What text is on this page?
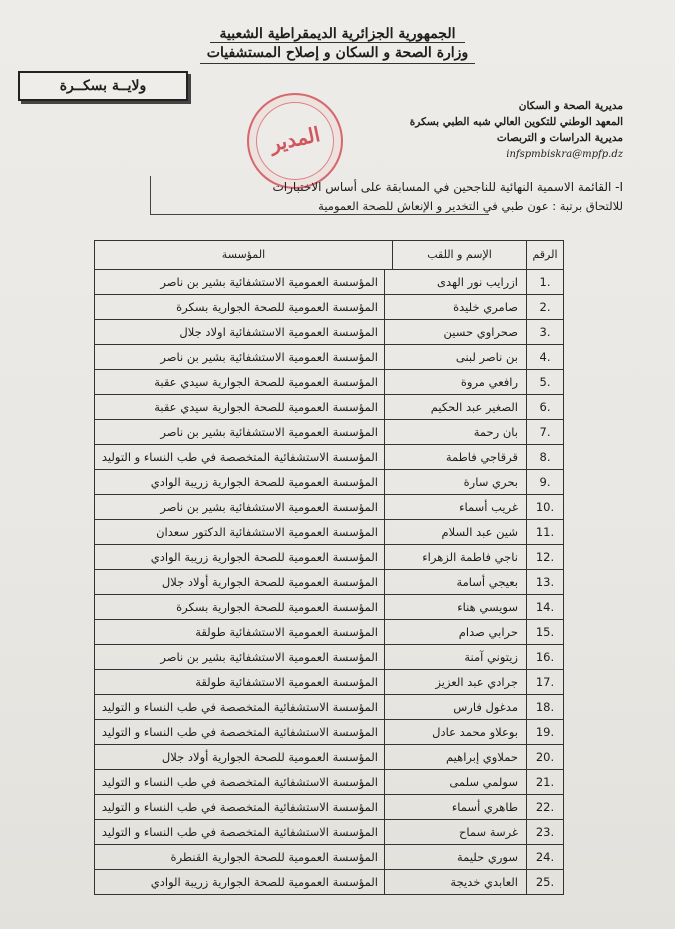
الجمهورية الجزائرية الديمقراطية الشعبية
وزارة الصحة و السكان و إصلاح المستشفيات
ولايــة بسكــرة
المدير
مديرية الصحة و السكان
المعهد الوطني للتكوين العالي شبه الطبي بسكرة
مديرية الدراسات و التربصات
infspmbiskra@mpfp.dz
I- القائمة الاسمية النهائية للناجحين في المسابقة على أساس الاختبارات
للالتحاق برتبة : عون طبي في التخدير و الإنعاش للصحة العمومية
الرقم
الإسم و اللقب
المؤسسة
1.
ازرايب نور الهدى
المؤسسة العمومية الاستشفائية بشير بن ناصر
2.
صامري خليدة
المؤسسة العمومية للصحة الجوارية بسكرة
3.
صحراوي حسين
المؤسسة العمومية الاستشفائية اولاد جلال
4.
بن ناصر لبنى
المؤسسة العمومية الاستشفائية بشير بن ناصر
5.
رافعي مروة
المؤسسة العمومية للصحة الجوارية سيدي عقبة
6.
الصغير عبد الحكيم
المؤسسة العمومية للصحة الجوارية سيدي عقبة
7.
بان رحمة
المؤسسة العمومية الاستشفائية بشير بن ناصر
8.
قرقاجي فاطمة
المؤسسة الاستشفائية المتخصصة في طب النساء و التوليد
9.
بحري سارة
المؤسسة العمومية للصحة الجوارية زريبة الوادي
10.
غريب أسماء
المؤسسة العمومية الاستشفائية بشير بن ناصر
11.
شين عبد السلام
المؤسسة العمومية الاستشفائية الدكتور سعدان
12.
ناجي فاطمة الزهراء
المؤسسة العمومية للصحة الجوارية زريبة الوادي
13.
بعيجي أسامة
المؤسسة العمومية للصحة الجوارية أولاد جلال
14.
سويسي هناء
المؤسسة العمومية للصحة الجوارية بسكرة
15.
حرابي صدام
المؤسسة العمومية الاستشفائية طولقة
16.
زيتوني آمنة
المؤسسة العمومية الاستشفائية بشير بن ناصر
17.
جرادي عبد العزيز
المؤسسة العمومية الاستشفائية طولقة
18.
مدغول فارس
المؤسسة الاستشفائية المتخصصة في طب النساء و التوليد
19.
بوعلاو محمد عادل
المؤسسة الاستشفائية المتخصصة في طب النساء و التوليد
20.
حملاوي إبراهيم
المؤسسة العمومية للصحة الجوارية أولاد جلال
21.
سولمي سلمى
المؤسسة الاستشفائية المتخصصة في طب النساء و التوليد
22.
طاهري أسماء
المؤسسة الاستشفائية المتخصصة في طب النساء و التوليد
23.
غرسة سماح
المؤسسة الاستشفائية المتخصصة في طب النساء و التوليد
24.
سوري حليمة
المؤسسة العمومية للصحة الجوارية القنطرة
25.
العابدي خديجة
المؤسسة العمومية للصحة الجوارية زريبة الوادي
